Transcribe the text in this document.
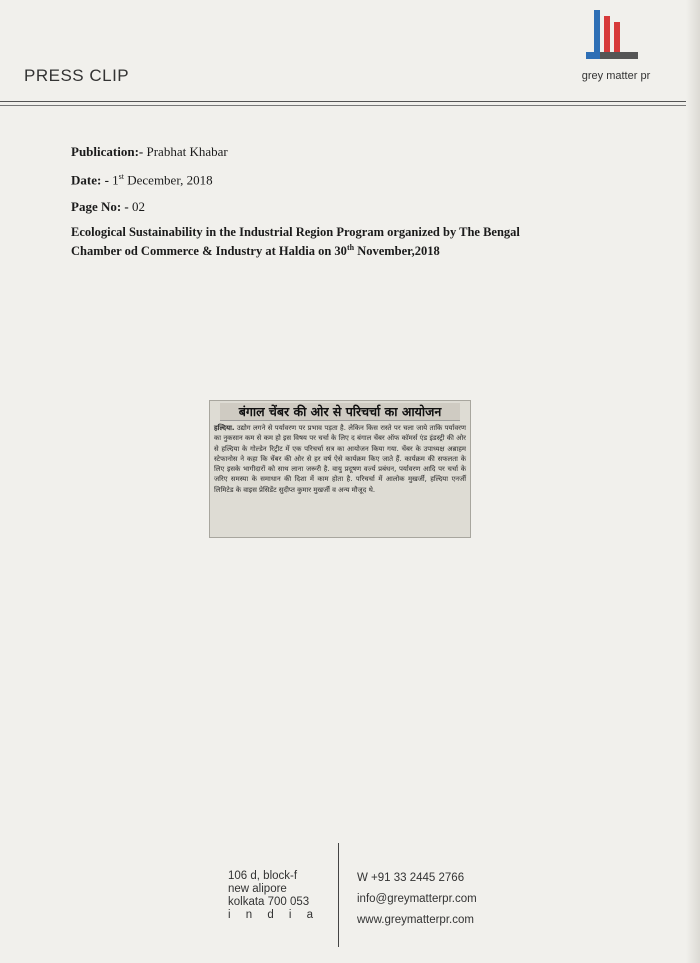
PRESS CLIP	grey matter pr
Publication:- Prabhat Khabar
Date: - 1st December, 2018
Page No: - 02
Ecological Sustainability in the Industrial Region Program organized by The Bengal Chamber od Commerce & Industry at Haldia on 30th November,2018
बंगाल चेंबर की ओर से परिचर्चा का आयोजन
हल्दिया. उद्योग लगने से पर्यावरण पर प्रभाव पड़ता है. लेकिन किस रास्ते पर चला जाये ताकि पर्यावरण का नुकसान कम से कम हो इस विषय पर चर्चा के लिए द बंगाल चेंबर ऑफ कॉमर्स एंड इंडस्ट्री की ओर से हल्दिया के गोल्डेन रिट्रीट में एक परिचर्चा सत्र का आयोजन किया गया. चेंबर के उपाध्यक्ष अब्राहम स्टेफानोस ने कहा कि चेंबर की ओर से हर वर्ष ऐसे कार्यक्रम किए जाते हैं. कार्यक्रम की सफलता के लिए इसके भागीदारों को साथ लाना जरूरी है. वायु प्रदूषण वर्ज्य प्रबंधन, पर्यावरण आदि पर चर्चा के जरिए समस्या के समाधान की दिशा में काम होता है. परिचर्चा में आलोक मुखर्जी, हल्दिया एनर्जी लिमिटेड के वाइस प्रेसिडेंट सुदीप्त कुमार मुखर्जी व अन्य मौजूद थे.
106 d, block-f
new alipore
kolkata 700 053
i n d i a
W +91 33 2445 2766
info@greymatterpr.com
www.greymatterpr.com
